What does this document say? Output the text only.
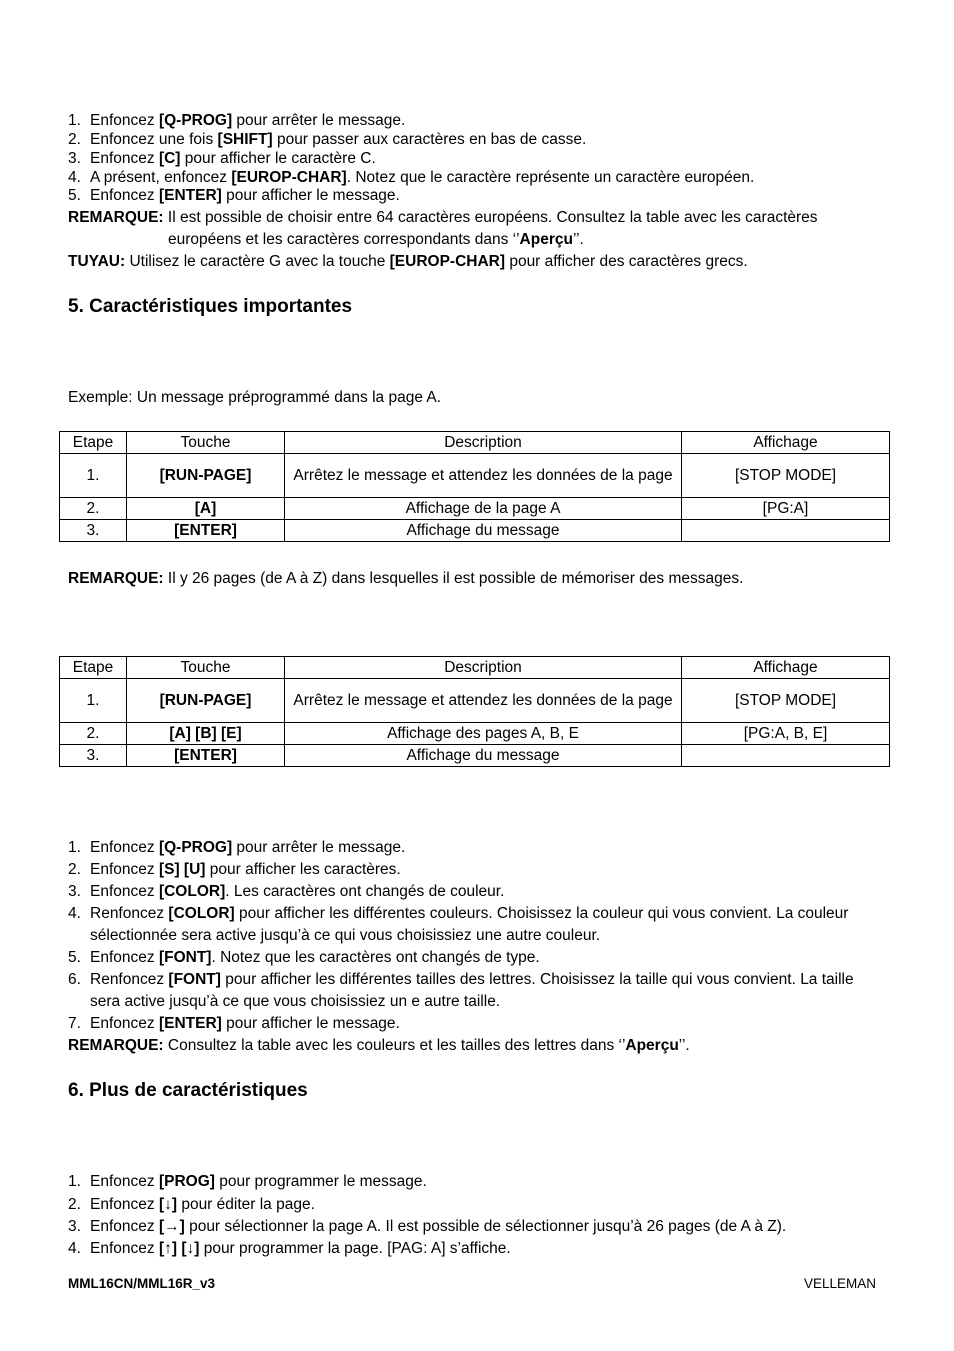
1. Enfoncez [Q-PROG] pour arrêter le message.
2. Enfoncez une fois [SHIFT] pour passer aux caractères en bas de casse.
3. Enfoncez [C] pour afficher le caractère C.
4. A présent, enfoncez [EUROP-CHAR]. Notez que le caractère représente un caractère européen.
5. Enfoncez [ENTER] pour afficher le message.
REMARQUE: Il est possible de choisir entre 64 caractères européens. Consultez la table avec les caractères
européens et les caractères correspondants dans ‘’Aperçu’’.
TUYAU: Utilisez le caractère G avec la touche [EUROP-CHAR] pour afficher des caractères grecs.
5. Caractéristiques importantes
Exemple: Un message préprogrammé dans la page A.
Etape	Touche	Description	Affichage
1.	[RUN-PAGE]	Arrêtez le message et attendez les données de la page	[STOP MODE]
2.	[A]	Affichage de la page A	[PG:A]
3.	[ENTER]	Affichage du message	
REMARQUE: Il y 26 pages (de A à Z) dans lesquelles il est possible de mémoriser des messages.
Etape	Touche	Description	Affichage
1.	[RUN-PAGE]	Arrêtez le message et attendez les données de la page	[STOP MODE]
2.	[A] [B] [E]	Affichage des pages A, B, E	[PG:A, B, E]
3.	[ENTER]	Affichage du message	
1. Enfoncez [Q-PROG] pour arrêter le message.
2. Enfoncez [S] [U] pour afficher les caractères.
3. Enfoncez [COLOR]. Les caractères ont changés de couleur.
4. Renfoncez [COLOR] pour afficher les différentes couleurs. Choisissez la couleur qui vous convient. La couleur
sélectionnée sera active jusqu’à ce qui vous choisissiez une autre couleur.
5. Enfoncez [FONT]. Notez que les caractères ont changés de type.
6. Renfoncez [FONT] pour afficher les différentes tailles des lettres. Choisissez la taille qui vous convient. La taille
sera active jusqu’à ce que vous choisissiez un e autre taille.
7. Enfoncez [ENTER] pour afficher le message.
REMARQUE: Consultez la table avec les couleurs et les tailles des lettres dans ‘’Aperçu’’.
6. Plus de caractéristiques
1. Enfoncez [PROG] pour programmer le message.
2. Enfoncez [↓] pour éditer la page.
3. Enfoncez [→] pour sélectionner la page A. Il est possible de sélectionner jusqu’à 26 pages (de A à Z).
4. Enfoncez [↑] [↓] pour programmer la page. [PAG: A] s’affiche.
MML16CN/MML16R_v3	VELLEMAN
